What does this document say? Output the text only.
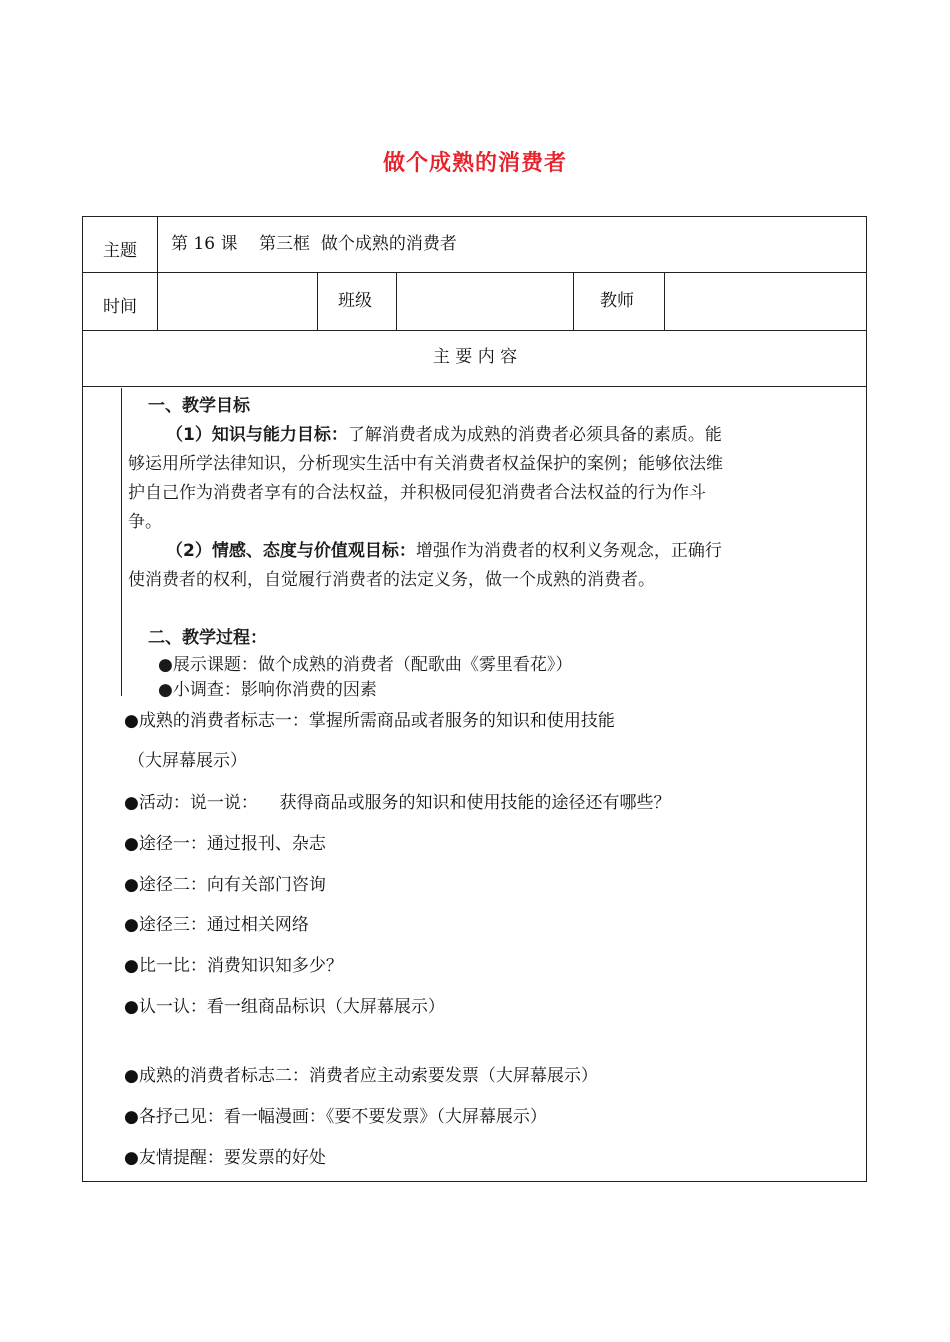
做个成熟的消费者
主题 第 16 课    第三框  做个成熟的消费者
时间	班级	教师
主 要 内 容
一、教学目标
（1）知识与能力目标：了解消费者成为成熟的消费者必须具备的素质。能
够运用所学法律知识，分析现实生活中有关消费者权益保护的案例；能够依法维
护自己作为消费者享有的合法权益，并积极同侵犯消费者合法权益的行为作斗
争。
（2）情感、态度与价值观目标：增强作为消费者的权利义务观念，正确行
使消费者的权利，自觉履行消费者的法定义务，做一个成熟的消费者。
二、教学过程：
●展示课题：做个成熟的消费者（配歌曲《雾里看花》）
●小调查：影响你消费的因素
●成熟的消费者标志一：掌握所需商品或者服务的知识和使用技能
（大屏幕展示）
●活动：说一说：    获得商品或服务的知识和使用技能的途径还有哪些？
●途径一：通过报刊、杂志
●途径二：向有关部门咨询
●途径三：通过相关网络
●比一比：消费知识知多少？
●认一认：看一组商品标识（大屏幕展示）
●成熟的消费者标志二：消费者应主动索要发票（大屏幕展示）
●各抒己见：看一幅漫画：《要不要发票》（大屏幕展示）
●友情提醒：要发票的好处
